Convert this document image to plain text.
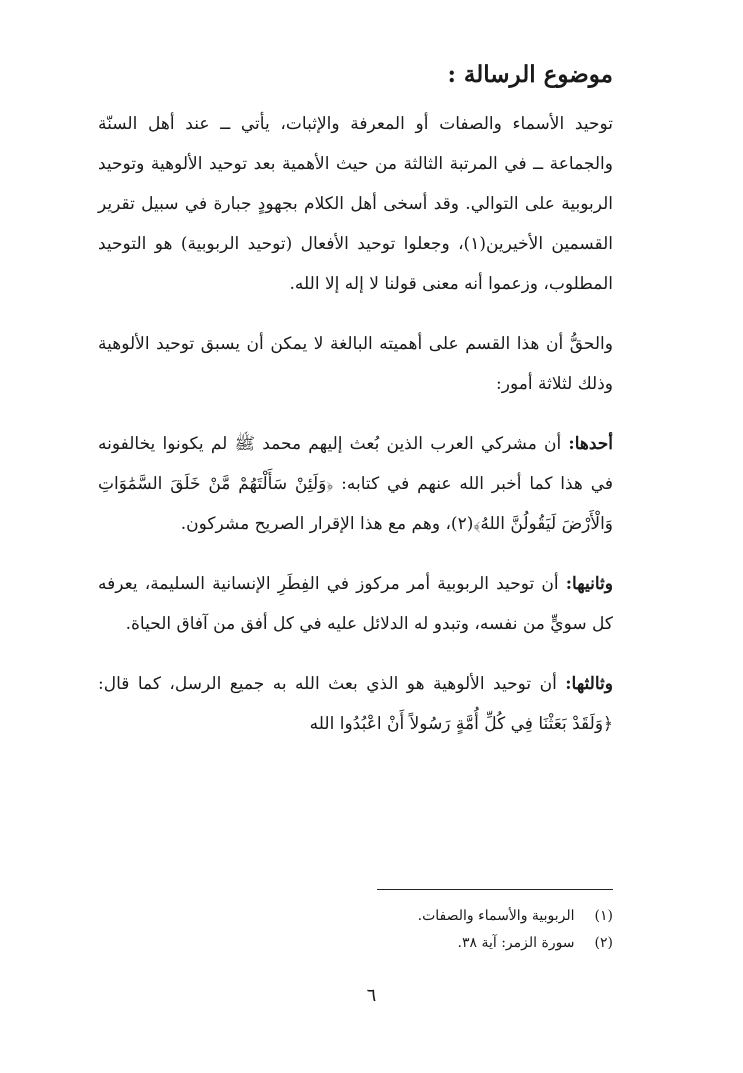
موضوع الرسالة :

توحيد الأسماء والصفات أو المعرفة والإثبات، يأتي ــ عند أهل السنّة والجماعة ــ في المرتبة الثالثة من حيث الأهمية بعد توحيد الألوهية وتوحيد الربوبية على التوالي. وقد أسخى أهل الكلام بجهودٍ جبارة في سبيل تقرير القسمين الأخيرين(١)، وجعلوا توحيد الأفعال (توحيد الربوبية) هو التوحيد المطلوب، وزعموا أنه معنى قولنا لا إله إلا الله.

والحقُّ أن هذا القسم على أهميته البالغة لا يمكن أن يسبق توحيد الألوهية وذلك لثلاثة أمور:

أحدها: أن مشركي العرب الذين بُعث إليهم محمد ﷺ لم يكونوا يخالفونه في هذا كما أخبر الله عنهم في كتابه: ﴿وَلَئِنْ سَأَلْتَهُمْ مَّنْ خَلَقَ السَّمَٰوَاتِ وَالْأَرْضَ لَيَقُولُنَّ اللهُ﴾(٢)، وهم مع هذا الإقرار الصريح مشركون.

وثانيها: أن توحيد الربوبية أمر مركوز في الفِطَرِ الإنسانية السليمة، يعرفه كل سويٍّ من نفسه، وتبدو له الدلائل عليه في كل أفق من آفاق الحياة.

وثالثها: أن توحيد الألوهية هو الذي بعث الله به جميع الرسل، كما قال: ﴿وَلَقَدْ بَعَثْنَا فِي كُلِّ أُمَّةٍ رَسُولاً أَنْ اعْبُدُوا الله

(١) الربوبية والأسماء والصفات.
(٢) سورة الزمر: آية ٣٨.
٦
